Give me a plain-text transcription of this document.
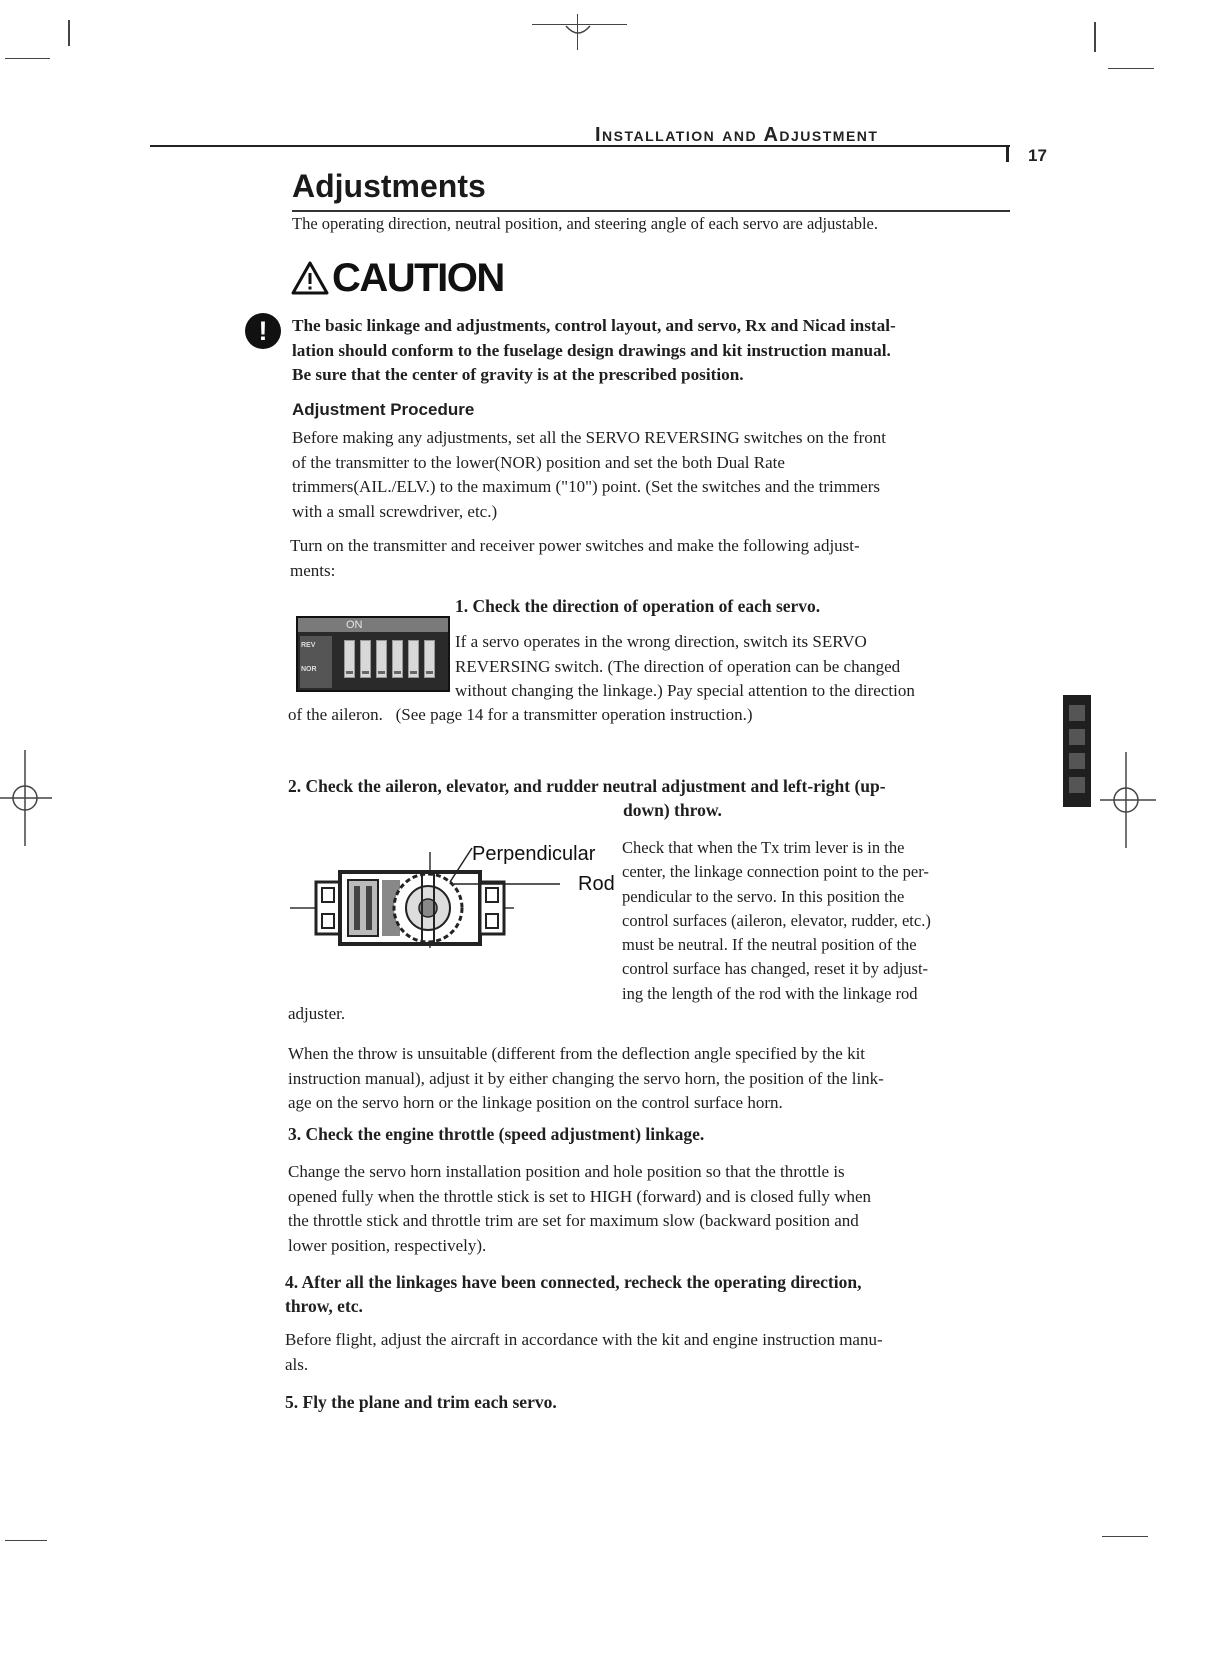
Installation and Adjustment
17
Adjustments
The operating direction, neutral position, and steering angle of each servo are adjustable.
CAUTION
!	The basic linkage and adjustments, control layout, and servo, Rx and Nicad instal-
lation should conform to the fuselage design drawings and kit instruction manual.
Be sure that the center of gravity is at the prescribed position.
Adjustment Procedure
Before making any adjustments, set all the SERVO REVERSING switches on the front
of the transmitter to the lower(NOR) position and set the both Dual Rate
trimmers(AIL./ELV.) to the maximum ("10") point. (Set the switches and the trimmers
with a small screwdriver, etc.)
Turn on the transmitter and receiver power switches and make the following adjust-
ments:
1. Check the direction of operation of each servo.
ON
REV
NOR
If a servo operates in the wrong direction, switch its SERVO
REVERSING switch. (The direction of operation can be changed
without changing the linkage.) Pay special attention to the direction
of the aileron.   (See page 14 for a transmitter operation instruction.)
2. Check the aileron, elevator, and rudder neutral adjustment and left-right (up-
down) throw.
Perpendicular
Rod
Check that when the Tx trim lever is in the
center, the linkage connection point to the per-
pendicular to the servo. In this position the
control surfaces (aileron, elevator, rudder, etc.)
must be neutral. If the neutral position of the
control surface has changed, reset it by adjust-
ing the length of the rod with the linkage rod
adjuster.
When the throw is unsuitable (different from the deflection angle specified by the kit
instruction manual), adjust it by either changing the servo horn, the position of the link-
age on the servo horn or the linkage position on the control surface horn.
3. Check the engine throttle (speed adjustment) linkage.
Change the servo horn installation position and hole position so that the throttle is
opened fully when the throttle stick is set to HIGH (forward) and is closed fully when
the throttle stick and throttle trim are set for maximum slow (backward position and
lower position, respectively).
4. After all the linkages have been connected, recheck the operating direction,
throw, etc.
Before flight, adjust the aircraft in accordance with the kit and engine instruction manu-
als.
5. Fly the plane and trim each servo.
